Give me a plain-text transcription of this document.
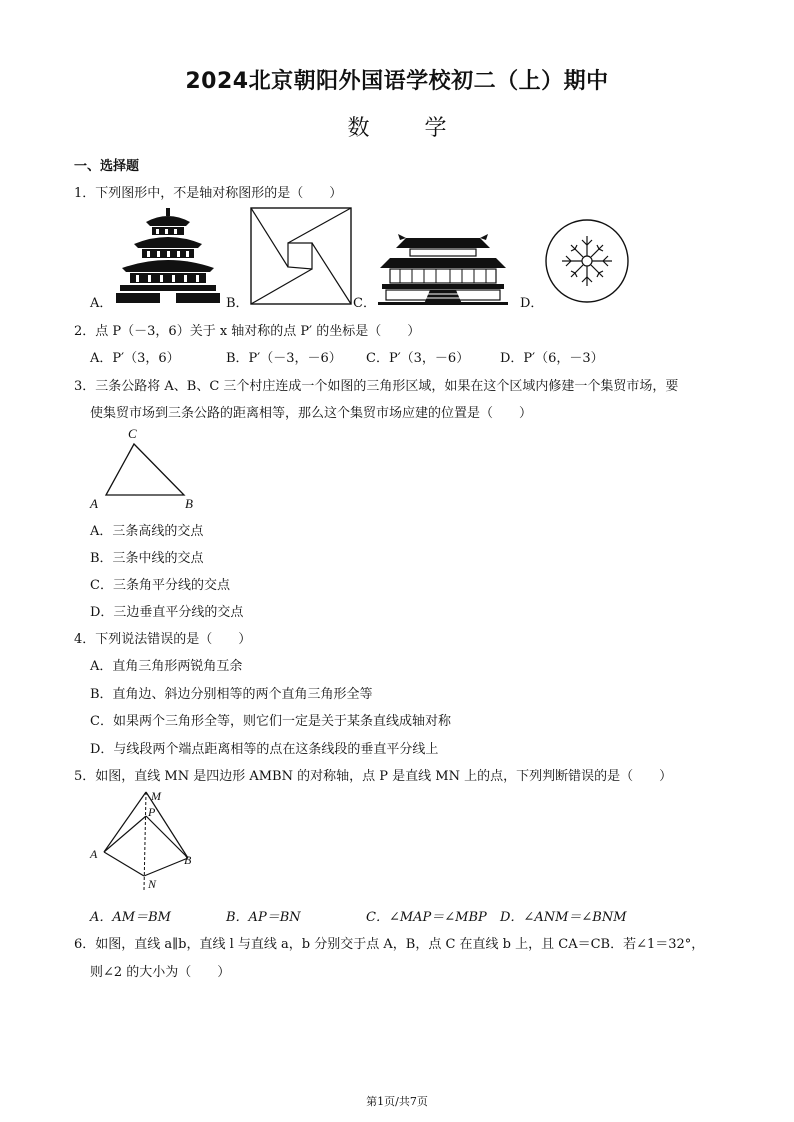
2024北京朝阳外国语学校初二（上）期中
数	学
一、选择题
1．下列图形中，不是轴对称图形的是（　　）
A．	B．	C．	D．
2．点 P（－3，6）关于 x 轴对称的点 P′ 的坐标是（　　）
A．P′（3，6）	B．P′（－3，－6） C．P′（3，－6） D．P′（6，－3）
3．三条公路将 A、B、C 三个村庄连成一个如图的三角形区域，如果在这个区域内修建一个集贸市场，要
使集贸市场到三条公路的距离相等，那么这个集贸市场应建的位置是（　　）
C
A	B
A．三条高线的交点
B．三条中线的交点
C．三条角平分线的交点
D．三边垂直平分线的交点
4．下列说法错误的是（　　）
A．直角三角形两锐角互余
B．直角边、斜边分别相等的两个直角三角形全等
C．如果两个三角形全等，则它们一定是关于某条直线成轴对称
D．与线段两个端点距离相等的点在这条线段的垂直平分线上
5．如图，直线 MN 是四边形 AMBN 的对称轴，点 P 是直线 MN 上的点，下列判断错误的是（　　）
M
P
A	B
N
A．AM＝BM	B．AP＝BN	C．∠MAP＝∠MBP D．∠ANM＝∠BNM
6．如图，直线 a∥b，直线 l 与直线 a，b 分别交于点 A，B，点 C 在直线 b 上，且 CA＝CB．若∠1＝32°，
则∠2 的大小为（　　）
第1页/共7页
